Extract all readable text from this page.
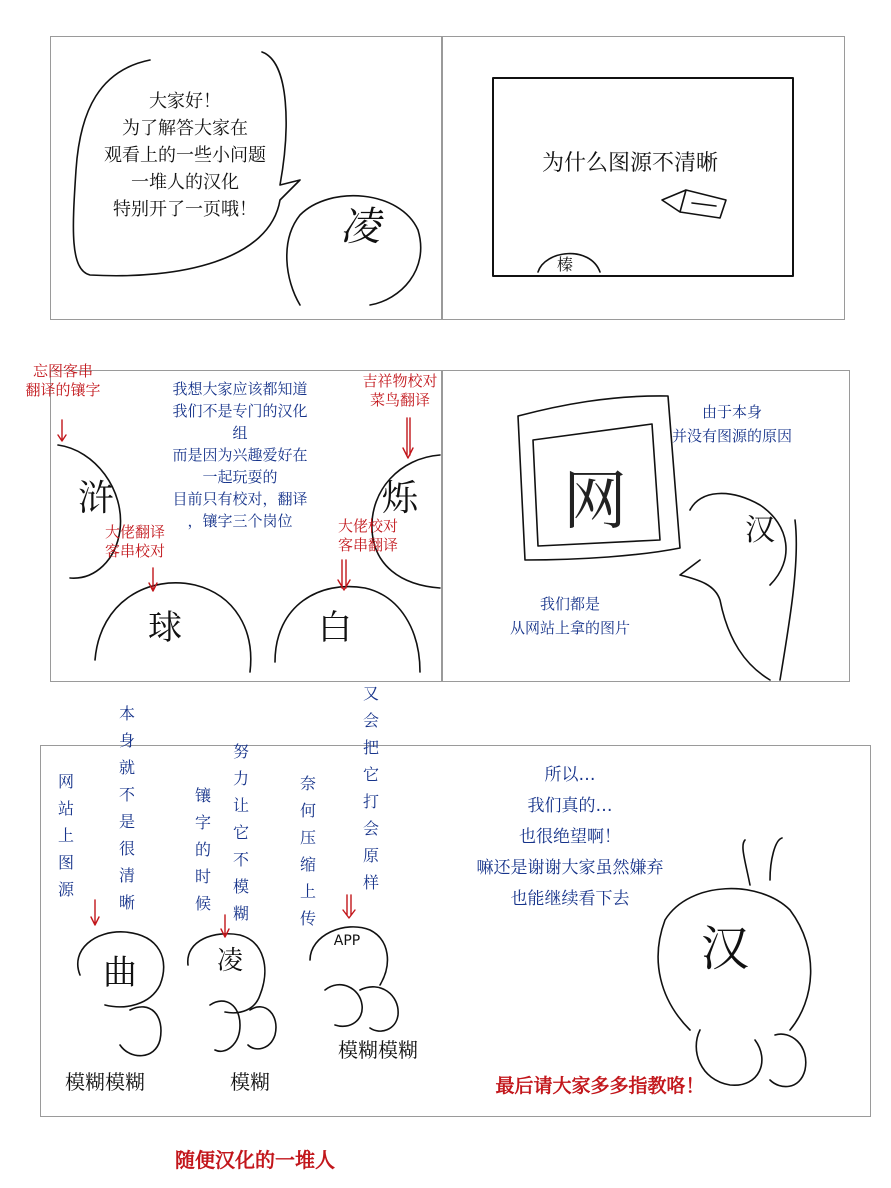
大家好！
为了解答大家在
观看上的一些小问题
一堆人的汉化
特别开了一页哦！	凌
为什么图源不清晰
榛
忘图客串
翻译的镶字	吉祥物校对
菜鸟翻译
我想大家应该都知道
我们不是专门的汉化
组
而是因为兴趣爱好在
一起玩耍的
目前只有校对，翻译
，镶字三个岗位
浒	烁
大佬翻译
客串校对
大佬校对
客串翻译
球	白
网
由于本身
并没有图源的原因
汉
我们都是
从网站上拿的图片
网站上图源
本身就不是很清晰
镶字的时候
努力让它不模糊
奈何压缩上传
又会把它打会原样
曲	凌
APP
模糊模糊	模糊
模糊模糊
所以…
我们真的…
也很绝望啊！
嘛还是谢谢大家虽然嫌弃
也能继续看下去
汉
最后请大家多多指教咯！
随便汉化的一堆人
